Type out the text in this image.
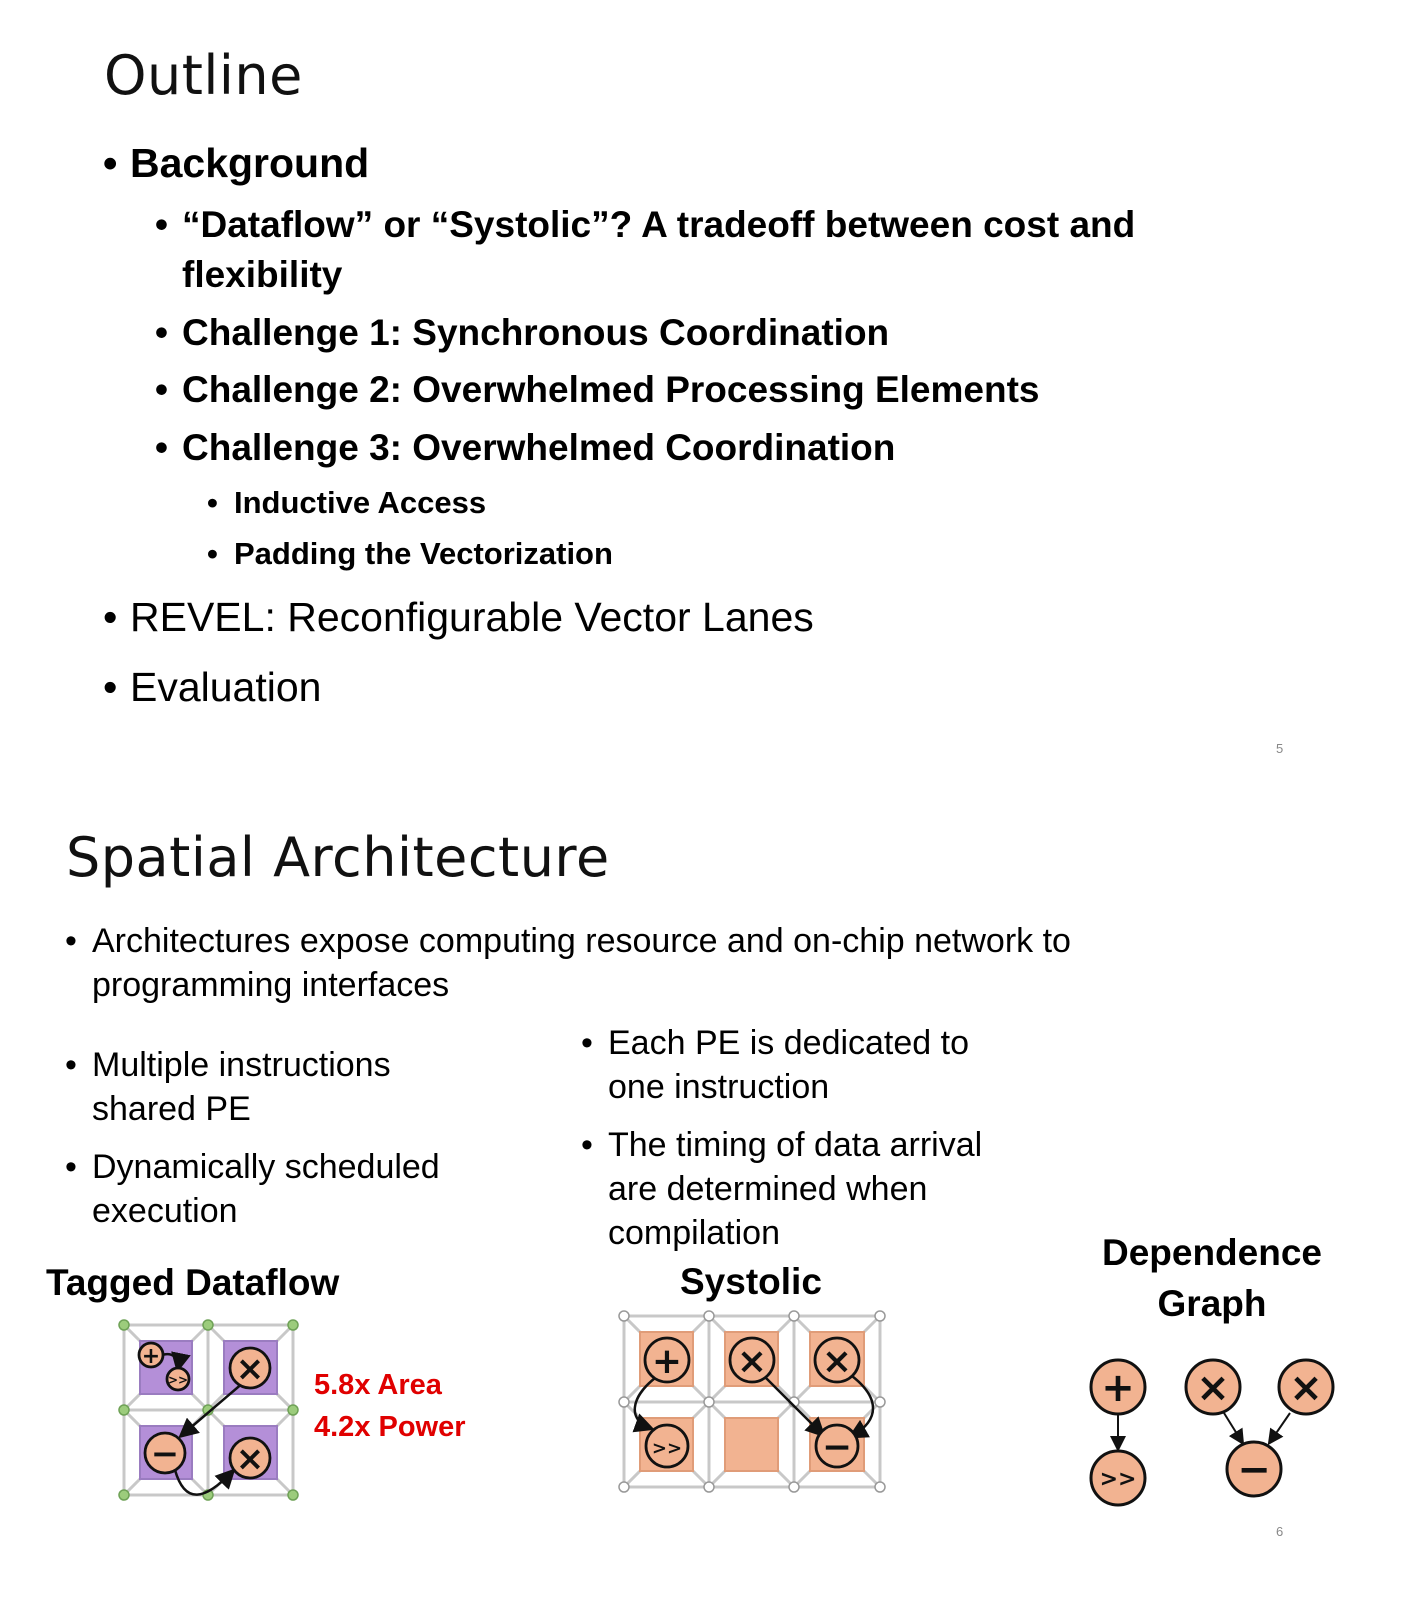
Outline
• Background
• “Dataflow” or “Systolic”? A tradeoff between cost and
flexibility
• Challenge 1: Synchronous Coordination
• Challenge 2: Overwhelmed Processing Elements
• Challenge 3: Overwhelmed Coordination
• Inductive Access
• Padding the Vectorization
• REVEL: Reconfigurable Vector Lanes
• Evaluation
5
Spatial Architecture
• Architectures expose computing resource and on-chip network to
programming interfaces
• Multiple instructions
shared PE
• Dynamically scheduled
execution
• Each PE is dedicated to
one instruction
• The timing of data arrival
are determined when
compilation
Tagged Dataflow	Systolic
Dependence
Graph
5.8x Area
4.2x Power
6
+
>> ×
− ×
+ × ×
>>	−
+ × ×
>>	−
